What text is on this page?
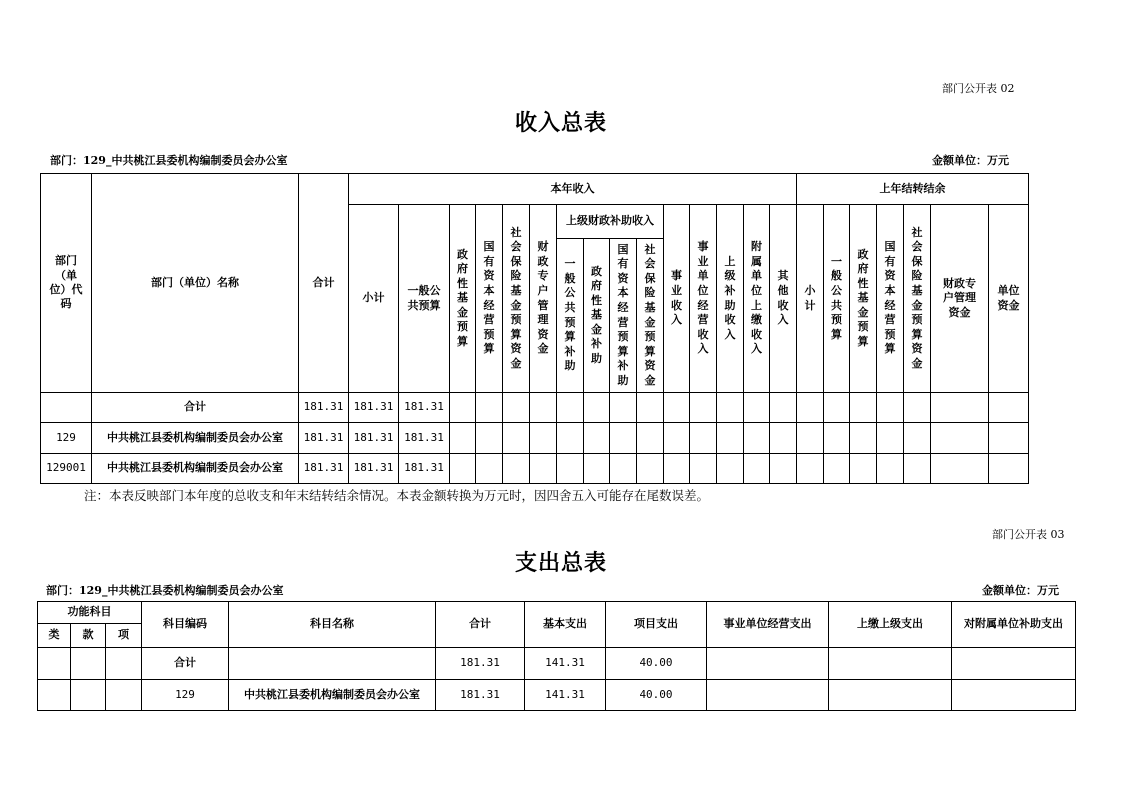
部门公开表 02
收入总表
部门：129_中共桃江县委机构编制委员会办公室	金额单位：万元
部门（单位）代码	部门（单位）名称	合计	本年收入															上年结转结余						
			小计	一般公共预算	政府性基金预算	国有资本经营预算	社会保险基金预算资金	财政专户管理资金	上级财政补助收入				事业收入	事业单位经营收入	上级补助收入	附属单位上缴收入	其他收入	小计	一般公共预算	政府性基金预算	国有资本经营预算	社会保险基金预算资金	财政专户管理资金	单位资金
									一般公共预算补助	政府性基金补助	国有资本经营预算补助	社会保险基金预算资金												
	合计	181.31	181.31	181.31																				
129	中共桃江县委机构编制委员会办公室	181.31	181.31	181.31																				
129001	中共桃江县委机构编制委员会办公室	181.31	181.31	181.31																				
注：本表反映部门本年度的总收支和年末结转结余情况。本表金额转换为万元时，因四舍五入可能存在尾数误差。
部门公开表 03
支出总表
部门：129_中共桃江县委机构编制委员会办公室	金额单位：万元
功能科目			科目编码	科目名称	合计	基本支出	项目支出	事业单位经营支出	上缴上级支出	对附属单位补助支出
类	款	项								
			合计		181.31	141.31	40.00			
			129	中共桃江县委机构编制委员会办公室	181.31	141.31	40.00			
